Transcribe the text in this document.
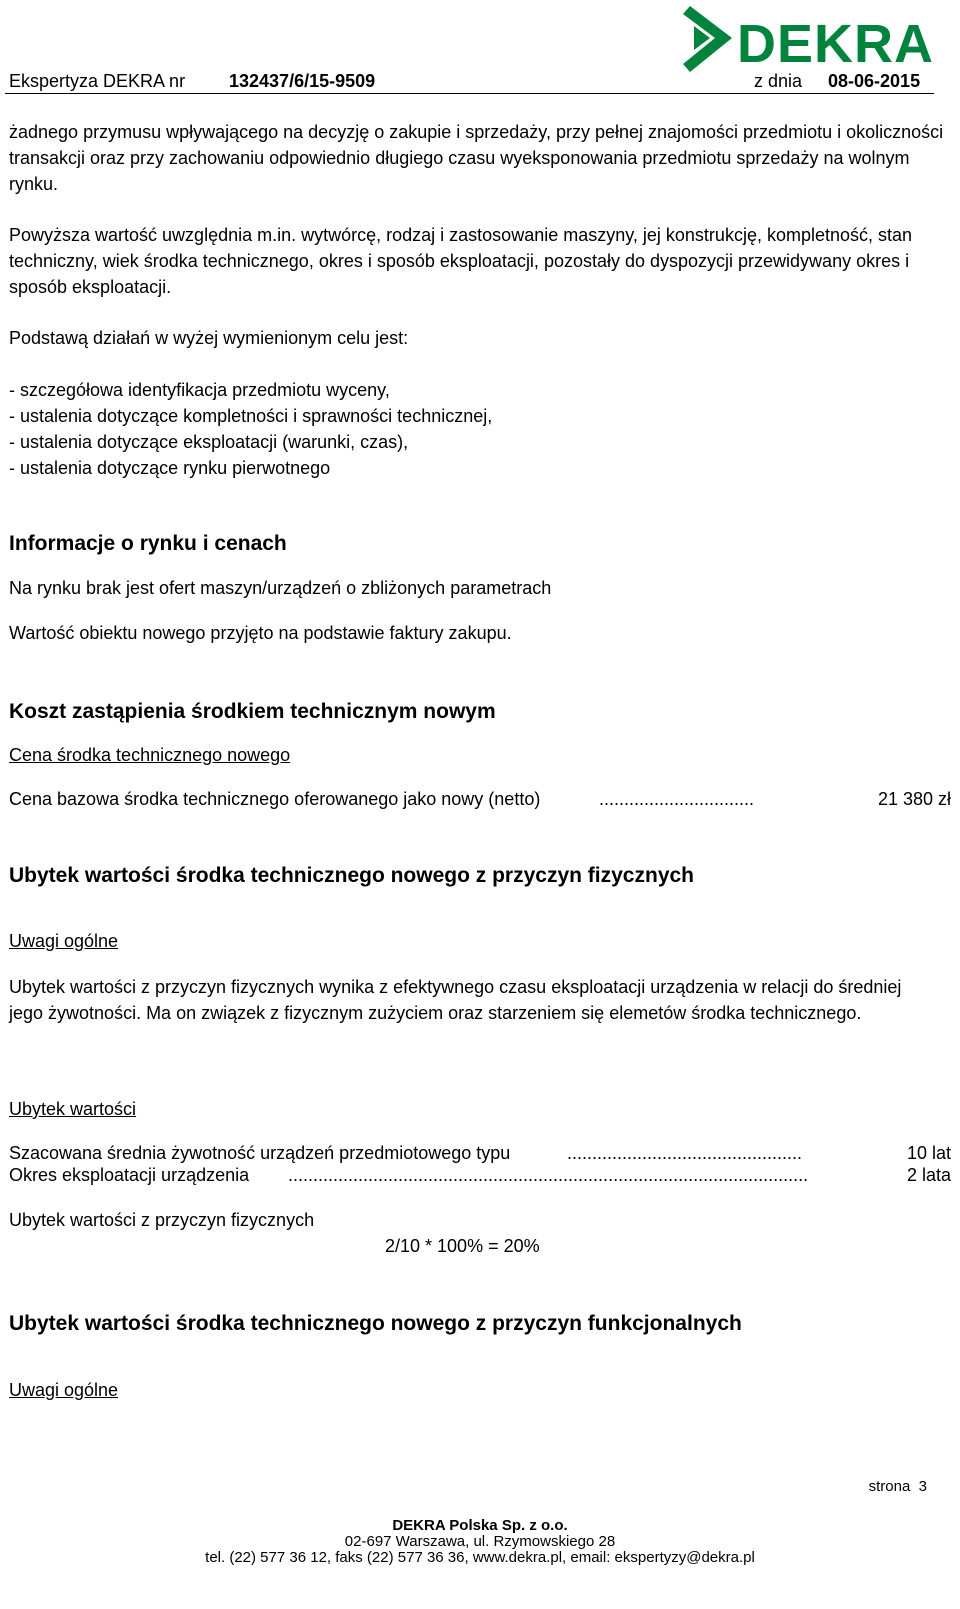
Ekspertyza DEKRA nr 132437/6/15-9509	z dnia 08-06-2015
DEKRA
żadnego przymusu wpływającego na decyzję o zakupie i sprzedaży, przy pełnej znajomości przedmiotu i okoliczności transakcji oraz przy zachowaniu odpowiednio długiego czasu wyeksponowania przedmiotu sprzedaży na wolnym rynku.
Powyższa wartość uwzględnia m.in. wytwórcę, rodzaj i zastosowanie maszyny, jej konstrukcję, kompletność, stan techniczny, wiek środka technicznego, okres i sposób eksploatacji, pozostały do dyspozycji przewidywany okres i sposób eksploatacji.
Podstawą działań w wyżej wymienionym celu jest:
- szczegółowa identyfikacja przedmiotu wyceny,
- ustalenia dotyczące kompletności i sprawności technicznej,
- ustalenia dotyczące eksploatacji (warunki, czas),
- ustalenia dotyczące rynku pierwotnego
Informacje o rynku i cenach
Na rynku brak jest ofert maszyn/urządzeń o zbliżonych parametrach
Wartość obiektu nowego przyjęto na podstawie faktury zakupu.
Koszt zastąpienia środkiem technicznym nowym
Cena środka technicznego nowego
Cena bazowa środka technicznego oferowanego jako nowy (netto)	...............................	21 380 zł
Ubytek wartości środka technicznego nowego z przyczyn fizycznych
Uwagi ogólne
Ubytek wartości z przyczyn fizycznych wynika z efektywnego czasu eksploatacji urządzenia w relacji do średniej jego żywotności. Ma on związek z fizycznym zużyciem oraz starzeniem się elemetów środka technicznego.
Ubytek wartości
Szacowana średnia żywotność urządzeń przedmiotowego typu	...............................................	10 lat
Okres eksploatacji urządzenia ........................................................................................................	2 lata
Ubytek wartości z przyczyn fizycznych
2/10 * 100% = 20%
Ubytek wartości środka technicznego nowego z przyczyn funkcjonalnych
Uwagi ogólne
strona 3
DEKRA Polska Sp. z o.o.
02-697 Warszawa, ul. Rzymowskiego 28
tel. (22) 577 36 12, faks (22) 577 36 36, www.dekra.pl, email: ekspertyzy@dekra.pl
